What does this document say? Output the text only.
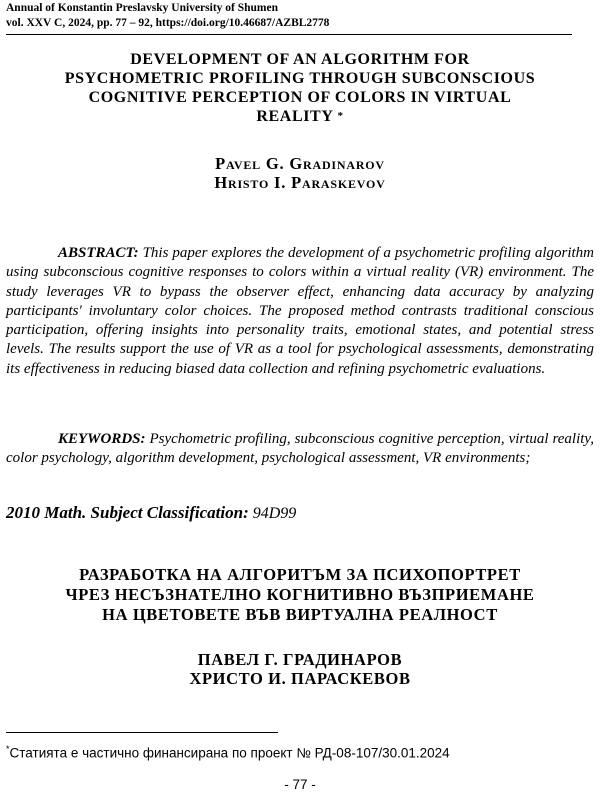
Annual of Konstantin Preslavsky University of Shumen
vol. XXV C, 2024, pp. 77 – 92, https://doi.org/10.46687/AZBL2778
DEVELOPMENT OF AN ALGORITHM FOR
PSYCHOMETRIC PROFILING THROUGH SUBCONSCIOUS
COGNITIVE PERCEPTION OF COLORS IN VIRTUAL
REALITY *
Pavel G. Gradinarov
Hristo I. Paraskevov
ABSTRACT: This paper explores the development of a psychometric profiling algorithm using subconscious cognitive responses to colors within a virtual reality (VR) environment. The study leverages VR to bypass the observer effect, enhancing data accuracy by analyzing participants' involuntary color choices. The proposed method contrasts traditional conscious participation, offering insights into personality traits, emotional states, and potential stress levels. The results support the use of VR as a tool for psychological assessments, demonstrating its effectiveness in reducing biased data collection and refining psychometric evaluations.
KEYWORDS: Psychometric profiling, subconscious cognitive perception, virtual reality, color psychology, algorithm development, psychological assessment, VR environments;
2010 Math. Subject Classification: 94D99
РАЗРАБОТКА НА АЛГОРИТЪМ ЗА ПСИХОПОРТРЕТ
ЧРЕЗ НЕСЪЗНАТЕЛНО КОГНИТИВНО ВЪЗПРИЕМАНЕ
НА ЦВЕТОВЕТЕ ВЪВ ВИРТУАЛНА РЕАЛНОСТ
ПАВЕЛ Г. ГРАДИНАРОВ
ХРИСТО И. ПАРАСКЕВОВ
*Статията е частично финансирана по проект № РД-08-107/30.01.2024
- 77 -
